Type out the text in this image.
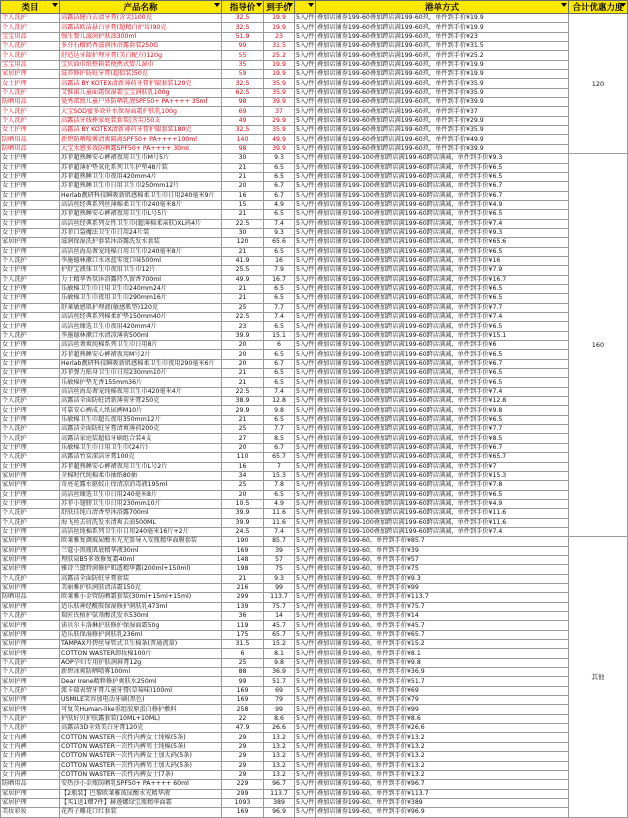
类目	产品名称	指导价	到手价		港单方式	合计优惠力度

个人洗护	高露洁健白去渍牙膏(含尖)100克	32.5	19.9	5入/件	叠加店铺券199-60叠加跨店满199-60玖，单件到手价¥19.9	120
个人洗护	高露洁欧洁悬白牙膏(超精白护齿)90克	32.5	19.9	5入/件	叠加店铺券199-60叠加跨店满199-60玖，单件到手价¥19.9	
宝宝用品	强生婴儿滋润护肤油300ml	51.9	23	5入/件	叠加店铺券199-60叠加跨店满199-60玖，单件到手价¥23	
个人洗护	多芬石榴奶香滋润沐浴露套装250G	99	31.5	5入/件	叠加店铺券199-60叠加跨店满199-60玖，单件到手价¥31.5	
个人洗护	舒适达牙龈护理牙膏(美白配方)120g	55	25.2	5入/件	叠加店铺券199-60叠加跨店满199-60玖，单件到手价¥25.2	
宝宝用品	宝贝面巾纸整箱装便携式婴儿湿巾	35	19.9	5入/件	叠加店铺券199-60叠加跨店满199-60玖，单件到手价¥19.9	
家居护理	滋养修护防蛀牙膏(超值装)50克	59	19.9	5入/件	叠加店铺券199-60叠加跨店满199-60玖，单件到手价¥19.9	
女士护理	高露洁 BY KOTEX清新薄荷牙膏护龈套装120克	32.5	35.9	5入/件	叠加店铺券199-60叠加跨店满199-60玖，单件到手价¥35.9	
个人洗护	艾惟诺儿童面霜保湿霜宝宝润肤乳100g	62.5	35.9	5入/件	叠加店铺券199-60叠加跨店满199-60玖，单件到手价¥35.9	
防晒用品	曼秀雷敦儿童户外防晒乳液SPF50+ PA++++ 35ml	98	39.9	5入/件	叠加店铺券199-60叠加跨店满199-60玖，单件到手价¥39.9	
个人洗护	大宝SOD蜜多效补水保湿面霜护肤乳100g	69	37	5入/件	叠加店铺券199-60叠加跨店满199-60玖，单件到手价¥37	
个人洗护	高露洁牙线棒家庭装套装(含尖)50支	49	29.9	5入/件	叠加店铺券199-60叠加跨店满199-60玖，单件到手价¥29.9	
女士护理	高露洁 BY KOTEX清新薄荷牙膏护龈套装180克	32.5	35.9	5入/件	叠加店铺券199-60叠加跨店满199-60玖，单件到手价¥35.9	
防晒用品	新碧防晒喷雾清爽隔离SPF50+ PA++++100ml	140	49.9	5入/件	叠加店铺券199-60叠加跨店满199-60玖，单件到手价¥49.9	
防晒用品	大宝水感多效防晒露SPF50+ PA++++ 30ml	98	39.9	5入/件	叠加店铺券199-60叠加跨店满199-60玖，单件到手价¥39.9	
女士护理	苏菲超熟睡安心裤裙夜用卫生巾M号5片	30	9.3	5入/件	叠加店铺券199-100叠加跨店满199-60跨店满减，单件到手价¥9.3	160
女士护理	苏菲超薄护垫氧化系列卫生护垫48片装	21	6.5	5入/件	叠加店铺券199-100叠加跨店满199-60跨店满减，单件到手价¥6.5	
女士护理	苏菲超熟睡卫生巾夜用420mm4片	21	6.5	5入/件	叠加店铺券199-100叠加跨店满199-60跨店满减，单件到手价¥6.5	
女士护理	苏菲超熟睡卫生巾日用卫生巾250mm12片	20	6.7	5入/件	叠加店铺券199-100叠加跨店满199-60跨店满减，单件到手价¥6.7	
女士护理	Herlab靓研科技瞬吸新肌感棉柔卫生巾日用240毫米9片	16	6.7	5入/件	叠加店铺券199-100叠加跨店满199-60跨店满减，单件到手价¥6.7	
女士护理	高洁丝经典系列丝薄棉柔卫生巾240毫米8片	15	4.9	5入/件	叠加店铺券199-100叠加跨店满199-60跨店满减，单件到手价¥4.9	
女士护理	苏菲超熟睡安心裤裙夜用卫生巾L号5片	21	6.5	5入/件	叠加店铺券199-100叠加跨店满199-60跨店满减，单件到手价¥6.5	
女士护理	高洁丝经典系列女性卫生巾(超薄棉柔亲肤)XL码4片	22.5	7.4	5入/件	叠加店铺券199-100叠加跨店满199-60跨店满减，单件到手价¥7.4	
女士护理	苏菲口袋魔法卫生巾日用24片装	30	9.3	5入/件	叠加店铺券199-100叠加跨店满199-60跨店满减，单件到手价¥9.3	
家居护理	滋润保湿洗护套装沐浴露洗发水套装	120	65.6	5入/件	叠加店铺券199-100叠加跨店满199-60跨店满减，单件到手价¥65.6	
女士护理	高洁丝海岛奢宠纯棉日用卫生巾240毫米8片	21	6.5	5入/件	叠加店铺券199-100叠加跨店满199-60跨店满减，单件到手价¥6.5	
个人洗护	李施德林漱口水冰蓝零度口味500ml	41.9	16	5入/件	叠加店铺券199-100叠加跨店满199-60跨店满减，单件到手价¥16	
女士护理	护舒宝液体卫生巾夜用卫生巾12片	25.5	7.9	5入/件	叠加店铺券199-100叠加跨店满199-60跨店满减，单件到手价¥7.9	
个人洗护	力士精华香氛沐浴露持久留香700ml	49.9	16.7	5入/件	叠加店铺券199-100叠加跨店满199-60跨店满减，单件到手价¥16.7	
女士护理	乐敏棉卫生巾日用卫生巾240mm24片	21	6.5	5入/件	叠加店铺券199-100叠加跨店满199-60跨店满减，单件到手价¥6.5	
女士护理	乐敏棉卫生巾夜用卫生巾290mm16片	21	6.5	5入/件	叠加店铺券199-100叠加跨店满199-60跨店满减，单件到手价¥6.5	
女士护理	舒莱敏感肌护理液(敏感肌型)120克	25	7.7	5入/件	叠加店铺券199-100叠加跨店满199-60跨店满减，单件到手价¥7.7	
女士护理	高洁丝经典系列棉柔护垫150mm40片	22.5	7.4	5入/件	叠加店铺券199-100叠加跨店满199-60跨店满减，单件到手价¥7.4	
女士护理	高洁丝臻选卫生巾夜用420mm4片	23	6.5	5入/件	叠加店铺券199-100叠加跨店满199-60跨店满减，单件到手价¥6.5	
个人洗护	李施德林漱口水清凉薄荷500ml	39.9	15.1	5入/件	叠加店铺券199-100叠加跨店满199-60跨店满减，单件到手价¥15.1	
女士护理	高洁丝奢爽纯棉系列卫生巾日用8片	20	6	5入/件	叠加店铺券199-100叠加跨店满199-60跨店满减，单件到手价¥6	
女士护理	苏菲超熟睡安心裤裙夜用M号2片	20	6.5	5入/件	叠加店铺券199-100叠加跨店满199-60跨店满减，单件到手价¥6.5	
女士护理	Herlab靓研科技瞬吸新肌感棉柔卫生巾夜用290毫米6片	20	6.7	5入/件	叠加店铺券199-100叠加跨店满199-60跨店满减，单件到手价¥6.7	
女士护理	苏菲弹力贴身卫生巾日用230mm10片	21	6.5	5入/件	叠加店铺券199-100叠加跨店满199-60跨店满减，单件到手价¥6.5	
女士护理	乐敏棉护垫无香155mm36片	21	6.5	5入/件	叠加店铺券199-100叠加跨店满199-60跨店满减，单件到手价¥6.5	
女士护理	高洁丝海岛奢宠纯棉夜用卫生巾420毫米4片	22.5	7.4	5入/件	叠加店铺券199-100叠加跨店满199-60跨店满减，单件到手价¥7.4	
个人洗护	高露洁全面防蛀清新薄荷牙膏250克	38.9	12.8	5入/件	叠加店铺券199-100叠加跨店满199-60跨店满减，单件到手价¥12.8	
女士护理	可靠安心裤成人纸尿裤M10片	29.9	9.8	5入/件	叠加店铺券199-100叠加跨店满199-60跨店满减，单件到手价¥9.8	
女士护理	乐敏棉卫生巾超长夜用350mm12片	21	6.5	5入/件	叠加店铺券199-100叠加跨店满199-60跨店满减，单件到手价¥6.5	
个人洗护	高露洁全面防蛀牙膏清爽薄荷200克	25	7.7	5入/件	叠加店铺券199-100叠加跨店满199-60跨店满减，单件到手价¥7.7	
个人洗护	高露洁家庭装超值牙刷组合装4支	27	8.5	5入/件	叠加店铺券199-100叠加跨店满199-60跨店满减，单件到手价¥8.5	
女士护理	乐敏棉卫生巾日用卫生巾(24片)	20	6.7	5入/件	叠加店铺券199-100叠加跨店满199-60跨店满减，单件到手价¥6.7	
个人洗护	高露洁竹炭深洁牙膏100克	110	65.7	5入/件	叠加店铺券199-100叠加跨店满199-60跨店满减，单件到手价¥65.7	
女士护理	苏菲超熟睡安心裤裙夜用卫生巾L号2片	16	7	5入/件	叠加店铺券199-100叠加跨店满199-60跨店满减，单件到手价¥7	
家居护理	全棉时代纯棉柔巾抽纸80抽	34	15.3	5入/件	叠加店铺券199-100叠加跨店满199-60跨店满减，单件到手价¥15.3	
家居护理	奇亮花露水驱蚊止痒清凉消毒液195ml	25	7.8	5入/件	叠加店铺券199-100叠加跨店满199-60跨店满减，单件到手价¥7.8	
女士护理	高洁丝臻选卫生巾日用240毫米8片	20	6.5	5入/件	叠加店铺券199-100叠加跨店满199-60跨店满减，单件到手价¥6.5	
女士护理	苏菲小翅膀卫生巾日用230mm10片	10.5	4.9	5入/件	叠加店铺券199-100叠加跨店满199-60跨店满减，单件到手价¥4.9	
个人洗护	舒肤佳纯白清香型沐浴露700ml	39.9	11.6	5入/件	叠加店铺券199-100叠加跨店满199-60跨店满减，单件到手价¥11.6	
个人洗护	海飞丝去屑洗发水清爽去油500ML	39.9	11.6	5入/件	叠加店铺券199-100叠加跨店满199-60跨店满减，单件到手价¥11.6	
女士护理	高洁丝纯棉系列卫生巾日用240毫米16片+2片	24.5	7.4	5入/件	叠加店铺券199-100叠加跨店满199-60跨店满减，单件到手价¥7.4	
家居护理	欧莱雅复颜玻尿酸水光充盈导入安瓶精华面膜套装	190	85.7	5入/件	叠加店铺券199-60，单件到手价¥85.7	其他
家居护理	兰蔻小黑瓶肌底精华液30ml	169	39	5入/件	叠加店铺券199-60，单件到手价¥39	
家居护理	理肤泉B5多效修复霜40ml	148	57	5入/件	叠加店铺券199-60，单件到手价¥57	
家居护理	雅诗兰黛特润修护肌透精华露(200ml+150ml)	198	75	5入/件	叠加店铺券199-60，单件到手价¥75	
个人洗护	高露洁全面防蛀牙膏套装	21	9.3	5入/件	叠加店铺券199-60，单件到手价¥9.3	
家居护理	美丽雅护肤润肤清洁霜150克	216	99	5入/件	叠加店铺券199-60，单件到手价¥99	
防晒用品	欧莱雅小金管防晒霜套装(30ml+15ml+15ml)	299	113.7	5入/件	叠加店铺券199-60，单件到手价¥113.7	
家居护理	适乐肤神经酰胺保湿修护润肤乳473ml	139	75.7	5入/件	叠加店铺券199-60，单件到手价¥75.7	
个人洗护	瑞匠氏植护氨基酸洗发水530ml	36	14	5入/件	叠加店铺券199-60，单件到手价¥14	
家居护理	诺贝尔卡洛琳护肤修护保湿面霜50g	119	45.7	5入/件	叠加店铺券199-60，单件到手价¥45.7	
家居护理	适乐肤保湿修护润肤乳236ml	175	65.7	5入/件	叠加店铺券199-60，单件到手价¥65.7	
家居护理	TAMPAX丹碧丝导管式卫生棉条(普通流量)	31.5	15.2	5入/件	叠加店铺券199-60，单件到手价¥15.2	
家居护理	COTTON WASTER卸妆棉100片	6	8.1	5入/件	叠加店铺券199-60，单件到手价¥8.1	
个人洗护	AOP孕妇专用护肤润唇膏12g	25	9.8	5入/件	叠加店铺券199-60，单件到手价¥9.8	
个人洗护	新碧冰爽防晒喷雾100ml	88	36.9	5入/件	叠加店铺券199-60，单件到手价¥36.9	
家居护理	Dear Irene精粹修护爽肤水250ml	99	51.7	5入/件	叠加店铺券199-60，单件到手价¥51.7	
个人洗护	派卡瑞表情牙膏儿童牙膏(草莓味)100ml	169	69	5入/件	叠加店铺券199-60，单件到手价¥69	
家居护理	USMILE笑容加电动牙刷(黑色)	169	79	5入/件	叠加店铺券199-60，单件到手价¥79	
家居护理	可复美Human-like重组胶原蛋白修护敷料	258	99	5入/件	叠加店铺券199-60，单件到手价¥99	
个人洗护	护肤好贝护肤露套装(10ML+10ML)	22	8.6	5入/件	叠加店铺券199-60，单件到手价¥8.6	
个人洗护	高露洁3D全效美白牙膏120克	47.9	26.6	5入/件	叠加店铺券199-60，单件到手价¥26.6	
女士内裤	COTTON WASTER一次性内裤女士纯棉(5条)	29	13.2	5入/件	叠加店铺券199-60，单件到手价¥13.2	
女士内裤	COTTON WASTER一次性内裤男士纯棉(5条)	29	13.2	5入/件	叠加店铺券199-60，单件到手价¥13.2	
女士内裤	COTTON WASTER一次性内裤女士加大码(5条)	29	13.2	5入/件	叠加店铺券199-60，单件到手价¥13.2	
女士内裤	COTTON WASTER一次性内裤男士加大码(5条)	29	13.2	5入/件	叠加店铺券199-60，单件到手价¥13.2	
女士内裤	COTTON WASTER一次性内裤女士(7条)	29	13.2	5入/件	叠加店铺券199-60，单件到手价¥13.2	
防晒用品	安热沙小金瓶防晒乳SPF50+ PA++++ 60ml	229	96.7	5入/件	叠加店铺券199-60，单件到手价¥96.7	
家居护理	【2瓶装】巴黎欧莱雅玻尿酸水光精华液	299	113.7	5入/件	叠加店铺券199-60，单件到手价¥113.7	
家居护理	【买1送1赠7件】赫莲娜绿宝瓶精华面霜	1093	389	5入/件	叠加店铺券199-60，单件到手价¥389	
美妆彩妆	花西子雕花口红套装	169	96.9	5入/件	叠加店铺券199-60，单件到手价¥96.9	
